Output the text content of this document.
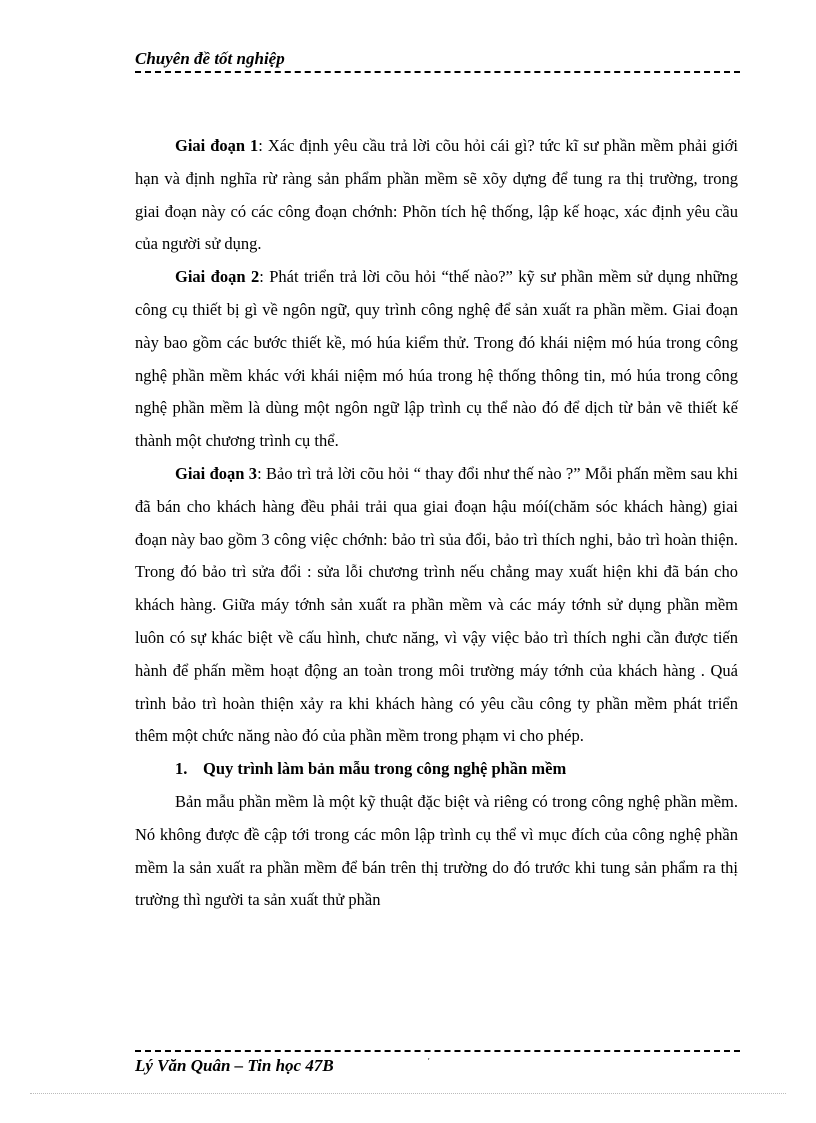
Chuyên đề tốt nghiệp

Giai đoạn 1: Xác định yêu cầu trả lời cõu hỏi cái gì? tức kĩ sư phần mềm phải giới hạn và định nghĩa rừ ràng sản phẩm phần mềm sẽ xõy dựng để tung ra thị trường, trong giai đoạn này có các công đoạn chớnh: Phõn tích hệ thống, lập kế hoạc, xác định yêu cầu của người sử dụng.

Giai đoạn 2: Phát triển trả lời cõu hỏi “thế nào?” kỹ sư phần mềm sử dụng những công cụ thiết bị gì về ngôn ngữ, quy trình công nghệ để sản xuất ra phần mềm. Giai đoạn này bao gồm các bước thiết kề, mó húa kiểm thử. Trong đó khái niệm mó húa trong công nghệ phần mềm khác với khái niệm mó húa trong hệ thống thông tin, mó húa trong công nghệ phần mềm là dùng một ngôn ngữ lập trình cụ thể nào đó để dịch từ bản vẽ thiết kế thành một chương trình cụ thể.

Giai đoạn 3: Bảo trì trả lời cõu hỏi “ thay đổi như thế nào ?” Mỗi phấn mềm sau khi đã bán cho khách hàng đều phải trải qua giai đoạn hậu móí(chăm sóc khách hàng) giai đoạn này bao gồm 3 công việc chớnh: bảo trì sủa đổi, bảo trì thích nghi, bảo trì hoàn thiện. Trong đó bảo trì sửa đổi : sửa lỗi chương trình nếu chẳng may xuất hiện khi đã bán cho khách hàng. Giữa máy tớnh sản xuất ra phần mềm và các máy tớnh sử dụng phần mềm luôn có sự khác biệt về cấu hình, chưc năng, vì vậy việc bảo trì thích nghi cần được tiến hành để phấn mềm hoạt động an toàn trong môi trường máy tớnh của khách hàng . Quá trình bảo trì hoàn thiện xảy ra khi khách hàng có yêu cầu công ty phần mềm phát triển thêm một chức năng nào đó của phần mềm trong phạm vi cho phép.

1. Quy trình làm bản mẫu trong công nghệ phần mềm

Bản mẫu phần mềm là một kỹ thuật đặc biệt và riêng có trong công nghệ phần mềm. Nó không được đề cập tới trong các môn lập trình cụ thể vì mục đích của công nghệ phần mềm la sản xuất ra phần mềm để bán trên thị trường do đó trước khi tung sản phẩm ra thị trường thì người ta sản xuất thử phần

Lý Văn Quân – Tin học 47B	΄
